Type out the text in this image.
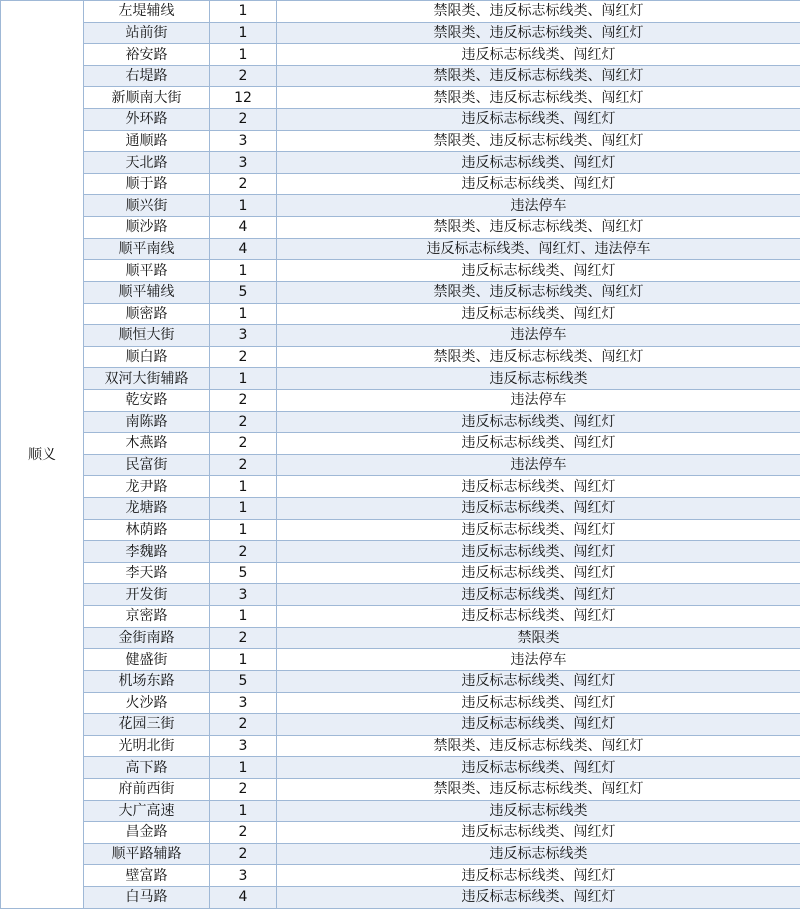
顺义	左堤辅线	1	禁限类、违反标志标线类、闯红灯
	站前街	1	禁限类、违反标志标线类、闯红灯
	裕安路	1	违反标志标线类、闯红灯
	右堤路	2	禁限类、违反标志标线类、闯红灯
	新顺南大街	12	禁限类、违反标志标线类、闯红灯
	外环路	2	违反标志标线类、闯红灯
	通顺路	3	禁限类、违反标志标线类、闯红灯
	天北路	3	违反标志标线类、闯红灯
	顺于路	2	违反标志标线类、闯红灯
	顺兴街	1	违法停车
	顺沙路	4	禁限类、违反标志标线类、闯红灯
	顺平南线	4	违反标志标线类、闯红灯、违法停车
	顺平路	1	违反标志标线类、闯红灯
	顺平辅线	5	禁限类、违反标志标线类、闯红灯
	顺密路	1	违反标志标线类、闯红灯
	顺恒大街	3	违法停车
	顺白路	2	禁限类、违反标志标线类、闯红灯
	双河大街辅路	1	违反标志标线类
	乾安路	2	违法停车
	南陈路	2	违反标志标线类、闯红灯
	木燕路	2	违反标志标线类、闯红灯
	民富街	2	违法停车
	龙尹路	1	违反标志标线类、闯红灯
	龙塘路	1	违反标志标线类、闯红灯
	林荫路	1	违反标志标线类、闯红灯
	李魏路	2	违反标志标线类、闯红灯
	李天路	5	违反标志标线类、闯红灯
	开发街	3	违反标志标线类、闯红灯
	京密路	1	违反标志标线类、闯红灯
	金街南路	2	禁限类
	健盛街	1	违法停车
	机场东路	5	违反标志标线类、闯红灯
	火沙路	3	违反标志标线类、闯红灯
	花园三街	2	违反标志标线类、闯红灯
	光明北街	3	禁限类、违反标志标线类、闯红灯
	高下路	1	违反标志标线类、闯红灯
	府前西街	2	禁限类、违反标志标线类、闯红灯
	大广高速	1	违反标志标线类
	昌金路	2	违反标志标线类、闯红灯
	顺平路辅路	2	违反标志标线类
	壁富路	3	违反标志标线类、闯红灯
	白马路	4	违反标志标线类、闯红灯
